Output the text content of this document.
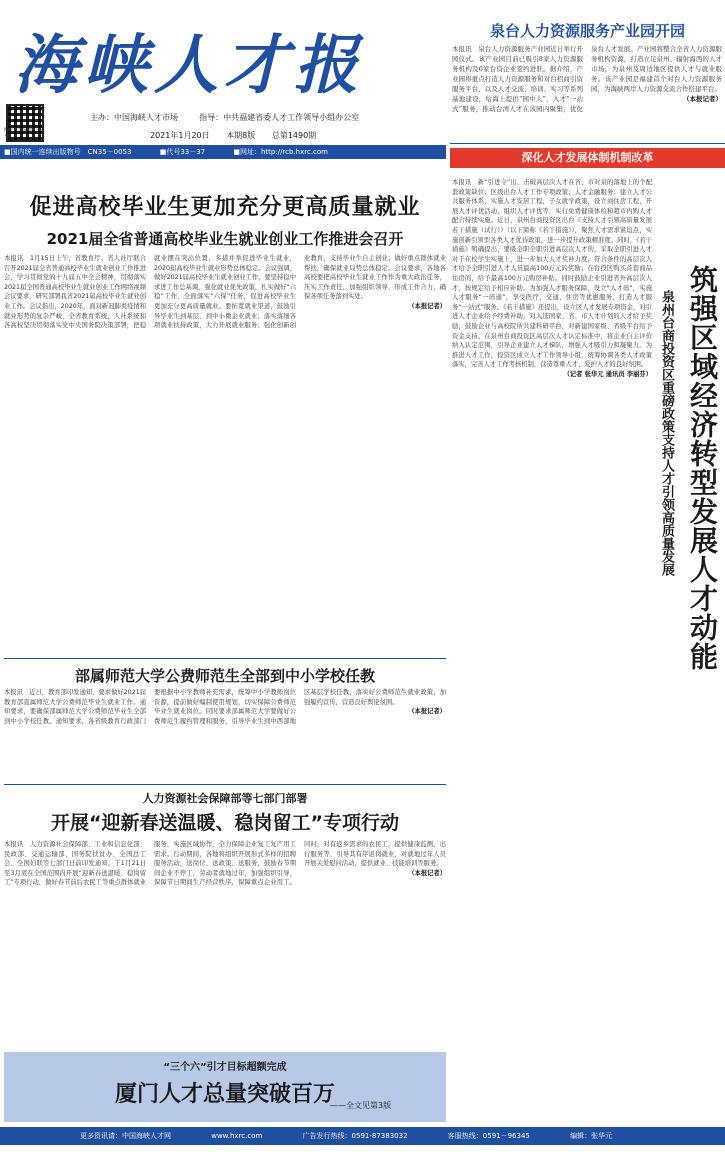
海峡人才报
海峡人才报微信公众号
主办：中国海峡人才市场	指导：中共福建省委人才工作领导小组办公室
2021年1月20日 本期8版 总第1490期
■国内统一连续出版物号　CN35－0053	■代号33－37	■网址：http://rcb.hxrc.com
泉台人力资源服务产业园开园
本报讯　泉台人力资源服务产业园近日举行开园仪式。该产业园目前已吸引8家人力资源服务机构及6家台资企业签约进驻。据介绍，产业园将重点打造人力资源服务和对台招商引资服务平台，以及人才交流、培训、实习等系列基地建设，给海上提供“园中人”，入才“一站式”服务，推动台湾人才在该园内聚集，优化泉台人才发展。产业园将整合全省人力资源服务机构资源，打造立足泉州、辐射海西的人才市场，为泉州及周边地区提供人才与就业服务。该产业园是福建首个对台人力资源服务园，为海峡两岸人力资源交流合作搭建平台。
（本报记者）
深化人才发展体制机制改革
本报讯　新“引进令”出，击破高层次人才在省、市对泉的落地上的个配套政策缺位；区级出台人才工作专项政策；人才金融服务；建立人才公共服务体系，实施人才安居工程，子女就学政策，设立商住房工程，开展人才评优活动，组织人才评优等，实行免费健康体检和超市内购人才配合持续实施。近日，泉州台商投资区出台《支持人才引领高质量发展若干措施（试行）》（以下简称《若干措施》），聚焦人才需求紧迫点，实施创新引领型各类人才优待政策，进一步提升政策精准度。同时，《若干措施》明确提出，要吸全职全职引进高层次人才的，采取全职引进人才对于在校学生实施上，进一步加大人才奖补力度，符合条件的高层次人才给予全职引进人才人员最高100万元的奖励；在台投区购买首套商品住房的，给予最高100万元购房补贴。同时鼓励企业引进省外高层次人才，按规定给予相应补助。为加强人才服务保障，设立“人才码”，实施人才服务“一码通”，享受医疗、交通、住房等优惠服务，打造人才服务“一站式”服务。《若干措施》还提出，设立区人才发展专项资金，对引进人才企业给予经费补助，对入选国家、省、市人才计划的人才给予奖励，鼓励企业与高校院所共建科研平台，对新建国家级、省级平台给予资金支持。在泉州台商投资区高层次人才认定标准中，将企业自主评价纳入认定范围，引导企业建立人才梯队，增强人才吸引力和凝聚力。为推进人才工作，投资区成立人才工作领导小组，统筹协调各类人才政策落实，完善人才工作考核机制，营造尊重人才、爱护人才的良好氛围。
（记者 张华元 通讯员 李丽芬）	筑强区域经济转型发展人才动能
泉州台商投资区重磅政策支持人才引领高质量发展
促进高校毕业生更加充分更高质量就业
2021届全省普通高校毕业生就业创业工作推进会召开
本报讯　1月15日上午，省教育厅、省人社厅联合召开2021届全省普通高校毕业生就业创业工作推进会，学习贯彻党的十九届五中全会精神，贯彻落实2021届全国普通高校毕业生就业创业工作网络视频会议要求，研究部署我省2021届高校毕业生就业创业工作。会议指出，2020年，面对新冠肺炎疫情和就业形势的复杂严峻，全省教育系统、人社系统和各高校坚决贯彻落实党中央国务院决策部署，把稳就业摆在突出位置，多措并举促进毕业生就业，2020届高校毕业生就业形势总体稳定。会议强调，做好2021届高校毕业生就业创业工作，要坚持稳中求进工作总基调，强化就业优先政策，扎实做好“六稳”工作、全面落实“六保”任务，促进高校毕业生更加充分更高质量就业。要拓宽就业渠道，鼓励引导毕业生到基层、到中小微企业就业；落实落细各项就业扶持政策，大力开展就业服务；强化创新创业教育，支持毕业生自主创业；做好重点群体就业帮扶，确保就业局势总体稳定。会议要求，各地各高校要把高校毕业生就业工作作为重大政治任务，压实工作责任，加强组织领导，形成工作合力，确保各项任务落到实处。
（本报记者）
部属师范大学公费师范生全部到中小学校任教
本报讯　近日，教育部印发通知，要求做好2021届教育部直属师范大学公费师范毕业生就业工作。通知要求，要确保部属师范大学公费师范毕业生全部到中小学校任教。通知要求，各省级教育行政部门要根据中小学教师补充需求，统筹中小学教师岗位资源，提前做好编制使用规划，切实保障公费师范毕业生就业岗位。同时要求部属师范大学要做好公费师范生履约管理和服务，引导毕业生到中西部地区基层学校任教，落实好公费师范生就业政策，加强履约宣传，营造良好舆论氛围。
（本报记者）
人力资源社会保障部等七部门部署
开展“迎新春送温暖、稳岗留工”专项行动
本报讯　人力资源社会保障部、工业和信息化部、民政部、交通运输部、国务院扶贫办、全国总工会、全国妇联等七部门日前印发通知，于1月21日至3月底在全国范围内开展“迎新春送温暖、稳岗留工”专项行动，做好春节前后农民工等重点群体就业服务，实施区域协作，全力保障企业复工复产用工需求。行动期间，各地将组织开展形式多样的招聘服务活动，送岗位、送政策、送服务，鼓励春节期间企业不停工，劳动者就地过年，加强组织引导，保障节日期间生产经营秩序，保障重点企业用工。同时，对有返乡需求的农民工，提供健康监测、出行服务等，引导其有序返岗就业，对就地过年人员开展关爱慰问活动，提供就业、技能培训等服务。
（本报记者）
“三个六”引才目标超额完成
厦门人才总量突破百万
——全文见第3版
更多资讯请：中国海峡人才网	www.hxrc.com	广告发行热线：0591-87383032	客服热线：0591－96345	编辑：张华元
